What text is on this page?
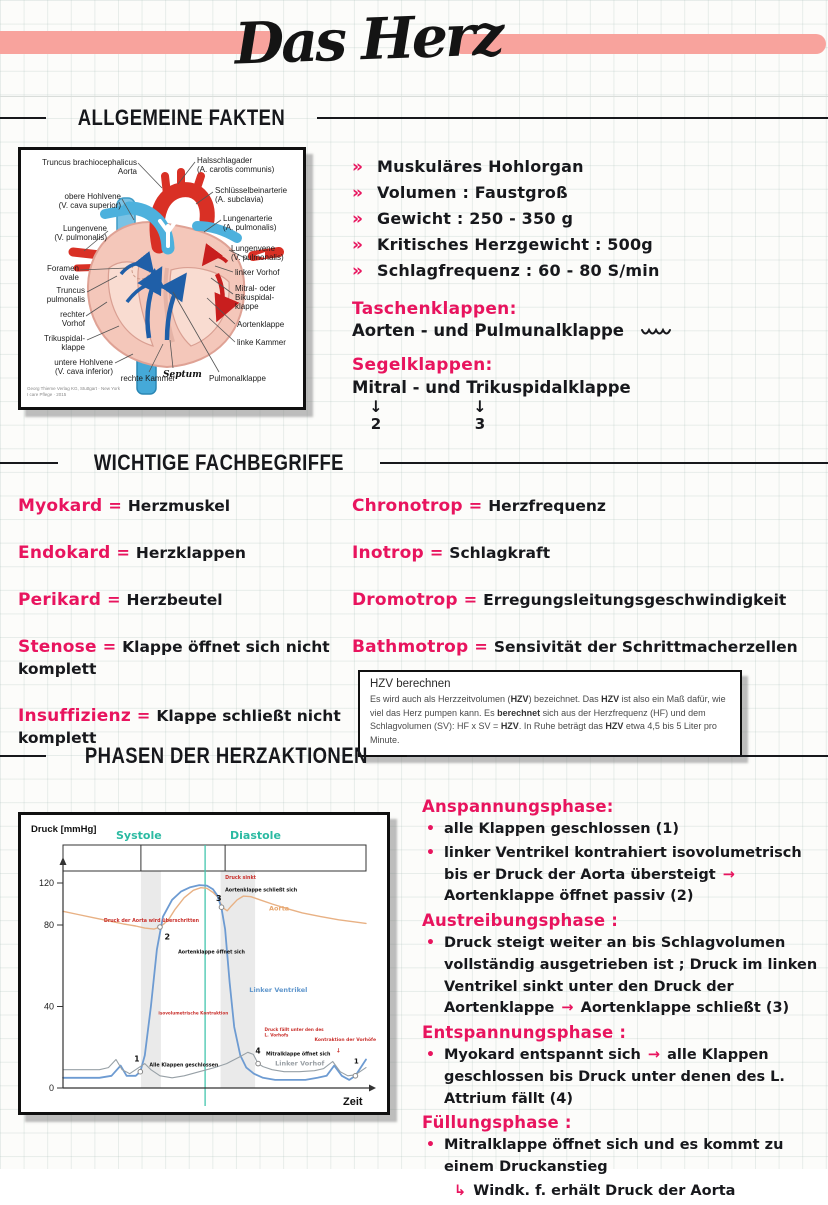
Das Herz
ALLGEMEINE FAKTEN
Truncus brachiocephalicus
Aorta
obere Hohlvene
(V. cava superior)
Lungenvene
(V. pulmonalis)
Foramen
ovale
Truncus
pulmonalis
rechter
Vorhof
Trikuspidal-
klappe
untere Hohlvene
(V. cava inferior)
rechte Kammer
Halsschlagader
(A. carotis communis)
Schlüsselbeinarterie
(A. subclavia)
Lungenarterie
(A. pulmonalis)
Lungenvene
(V. pulmonalis)
linker Vorhof
Mitral- oder
Bikuspidal-
klappe
Aortenklappe
linke Kammer
Pulmonalklappe
Septum
Georg Thieme Verlag KG, Stuttgart · New York
I care Pflege · 2015
» Muskuläres Hohlorgan
» Volumen : Faustgroß
» Gewicht : 250 - 350 g
» Kritisches Herzgewicht : 500g
» Schlagfrequenz : 60 - 80 S/min
Taschenklappen:
Aorten - und Pulmunalklappe
Segelklappen:
Mitral - und Trikuspidalklappe
↓
2
↓
3
WICHTIGE FACHBEGRIFFE
Myokard = Herzmuskel
Endokard = Herzklappen
Perikard = Herzbeutel
Stenose = Klappe öffnet sich nicht komplett
Insuffizienz = Klappe schließt nicht komplett
Chronotrop = Herzfrequenz
Inotrop = Schlagkraft
Dromotrop = Erregungsleitungsgeschwindigkeit
Bathmotrop = Sensivität der Schrittmacherzellen
HZV berechnen
Es wird auch als Herzzeitvolumen (HZV) bezeichnet. Das HZV ist also ein Maß dafür, wie viel das Herz pumpen kann. Es berechnet sich aus der Herzfrequenz (HF) und dem Schlagvolumen (SV): HF x SV = HZV. In Ruhe beträgt das HZV etwa 4,5 bis 5 Liter pro Minute.
PHASEN DER HERZAKTIONEN
Druck [mmHg] Systole	Diastole
0
40
80
120
Druck der Aorta wird überschritten
2
Aortenklappe öffnet sich
isovolumetrische Kontraktion
1
Alle Klappen geschlossen
Druck sinkt
Aortenklappe schließt sich
3
Aorta
Linker Ventrikel
Druck fällt unter den des L. Vorhofs
4 Mitralklappe öffnet sich
Linker Vorhof
Kontraktion der Vorhöfe
↓
1
Zeit
Anspannungsphase:
• alle Klappen geschlossen (1)
• linker Ventrikel kontrahiert isovolumetrisch bis er Druck der Aorta übersteigt → Aortenklappe öffnet passiv (2)
Austreibungsphase :
• Druck steigt weiter an bis Schlagvolumen vollständig ausgetrieben ist ; Druck im linken Ventrikel sinkt unter den Druck der Aortenklappe → Aortenklappe schließt (3)
Entspannungsphase :
• Myokard entspannt sich → alle Klappen geschlossen bis Druck unter denen des L. Attrium fällt (4)
Füllungsphase :
• Mitralklappe öffnet sich und es kommt zu einem Druckanstieg
↳ Windk. f. erhält Druck der Aorta
